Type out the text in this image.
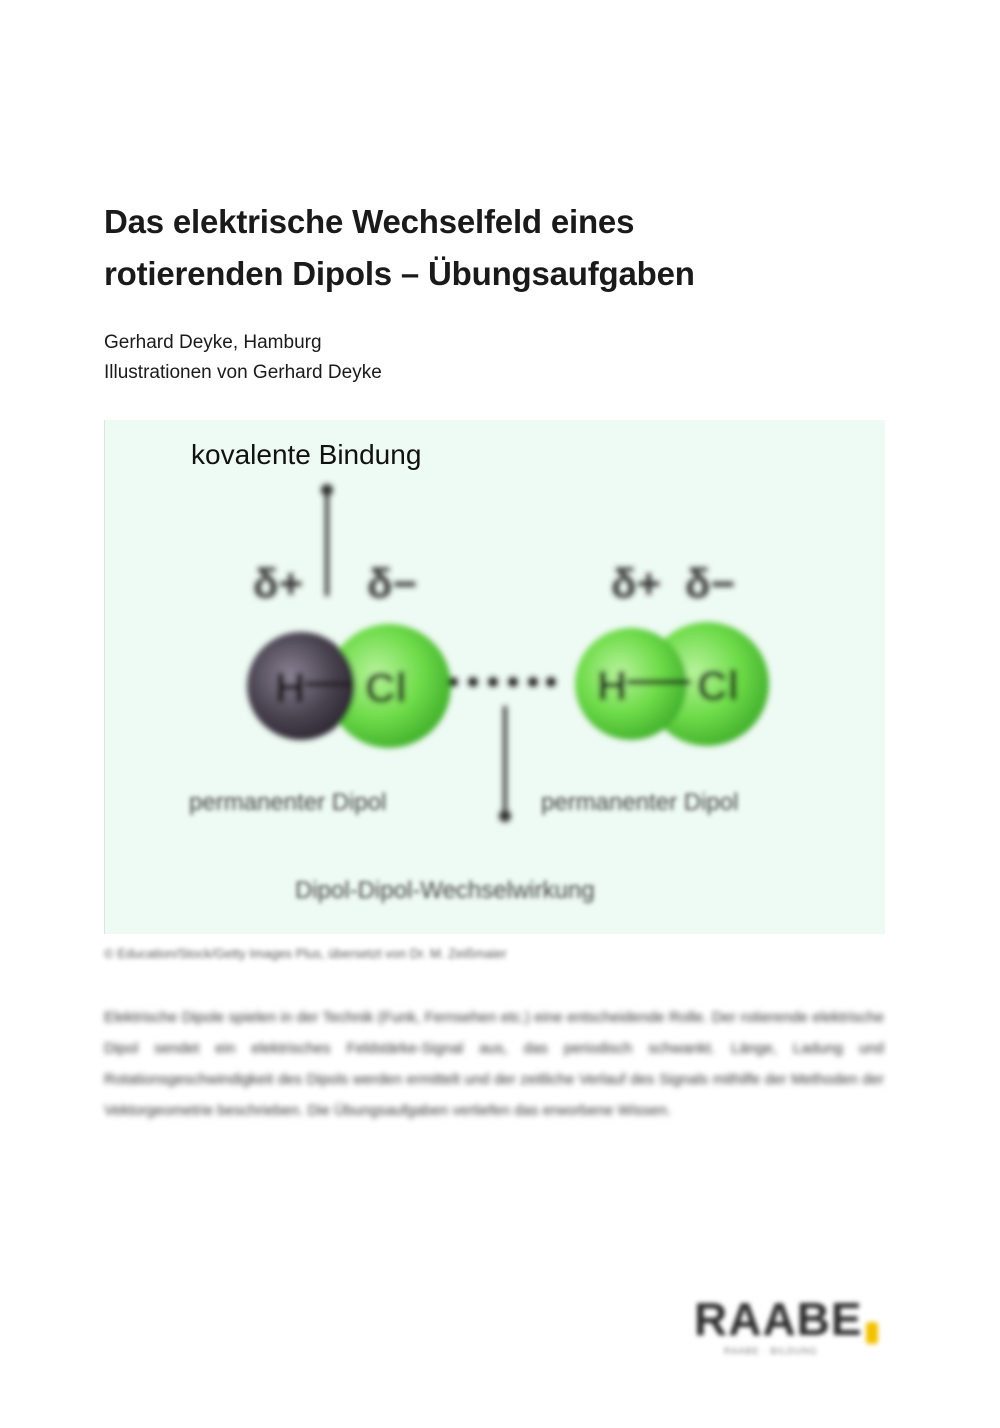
Das elektrische Wechselfeld eines
rotierenden Dipols – Übungsaufgaben
Gerhard Deyke, Hamburg
Illustrationen von Gerhard Deyke
kovalente Bindung
δ+ δ−	δ+ δ−
H Cl	H Cl
permanenter Dipol	permanenter Dipol
Dipol-Dipol-Wechselwirkung
© Education/Stock/Getty Images Plus, übersetzt von Dr. M. Zeißmaier

Elektrische Dipole spielen in der Technik (Funk, Fernsehen etc.) eine entscheidende Rolle. Der rotierende elektrische Dipol sendet ein elektrisches Feldstärke-Signal aus, das periodisch schwankt. Länge, Ladung und Rotationsgeschwindigkeit des Dipols werden ermittelt und der zeitliche Verlauf des Signals mithilfe der Methoden der Vektorgeometrie beschrieben. Die Übungsaufgaben vertiefen das erworbene Wissen.

RAABE
RAABE · BILDUNG
